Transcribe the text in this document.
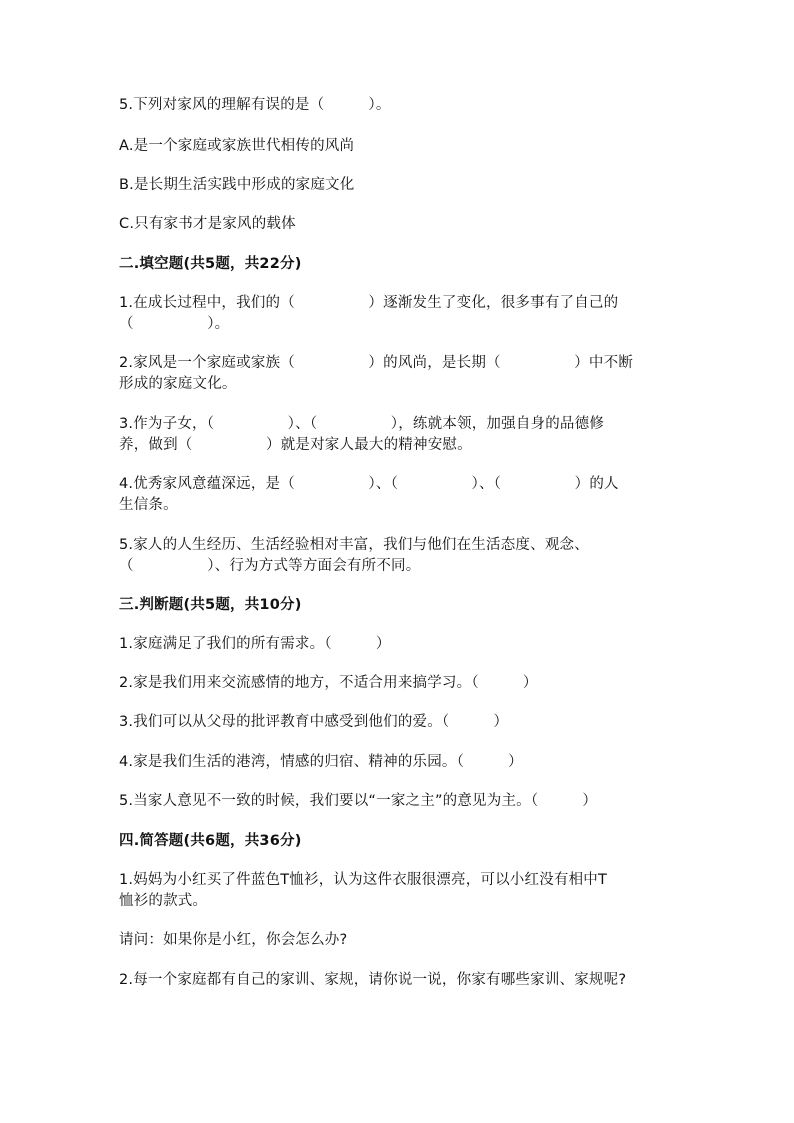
5.下列对家风的理解有误的是（　　　）。
A.是一个家庭或家族世代相传的风尚
B.是长期生活实践中形成的家庭文化
C.只有家书才是家风的载体
二.填空题(共5题，共22分)
1.在成长过程中，我们的（　　　　　）逐渐发生了变化，很多事有了自己的
（　　　　　）。
2.家风是一个家庭或家族（　　　　　）的风尚，是长期（　　　　　）中不断
形成的家庭文化。
3.作为子女，（　　　　　）、（　　　　　），练就本领，加强自身的品德修
养，做到（　　　　　）就是对家人最大的精神安慰。
4.优秀家风意蕴深远，是（　　　　　）、（　　　　　）、（　　　　　）的人
生信条。
5.家人的人生经历、生活经验相对丰富，我们与他们在生活态度、观念、
（　　　　　）、行为方式等方面会有所不同。
三.判断题(共5题，共10分)
1.家庭满足了我们的所有需求。（　　　）
2.家是我们用来交流感情的地方，不适合用来搞学习。（　　　）
3.我们可以从父母的批评教育中感受到他们的爱。（　　　）
4.家是我们生活的港湾，情感的归宿、精神的乐园。（　　　）
5.当家人意见不一致的时候，我们要以“一家之主”的意见为主。（　　　）
四.简答题(共6题，共36分)
1.妈妈为小红买了件蓝色T恤衫，认为这件衣服很漂亮，可以小红没有相中T
恤衫的款式。
请问：如果你是小红，你会怎么办?
2.每一个家庭都有自己的家训、家规，请你说一说，你家有哪些家训、家规呢?
